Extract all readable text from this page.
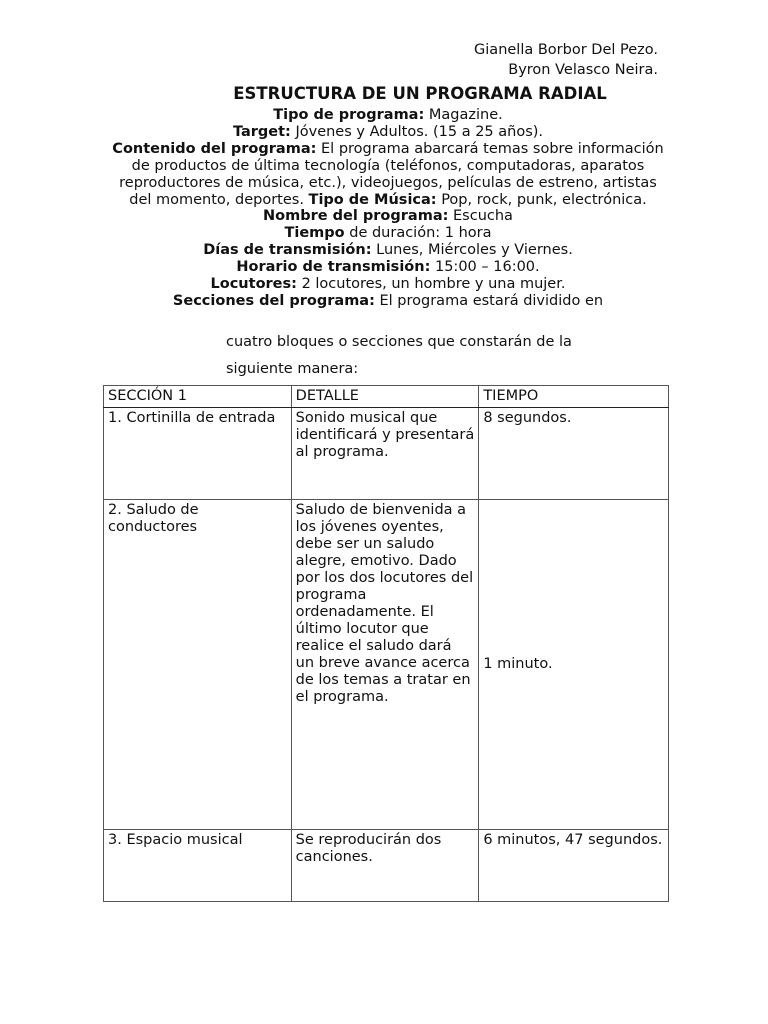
Gianella Borbor Del Pezo.
Byron Velasco Neira.
ESTRUCTURA DE UN PROGRAMA RADIAL
Tipo de programa: Magazine.
Target: Jóvenes y Adultos. (15 a 25 años).
Contenido del programa: El programa abarcará temas sobre información de productos de última tecnología (teléfonos, computadoras, aparatos reproductores de música, etc.), videojuegos, películas de estreno, artistas del momento, deportes. Tipo de Música: Pop, rock, punk, electrónica.
Nombre del programa: Escucha
Tiempo de duración: 1 hora
Días de transmisión: Lunes, Miércoles y Viernes.
Horario de transmisión: 15:00 – 16:00.
Locutores: 2 locutores, un hombre y una mujer.
Secciones del programa: El programa estará dividido en
cuatro bloques o secciones que constarán de la
siguiente manera:
SECCIÓN 1	DETALLE	TIEMPO
1. Cortinilla de entrada	Sonido musical que identificará y presentará al programa.	8 segundos.
2. Saludo de conductores	Saludo de bienvenida a los jóvenes oyentes, debe ser un saludo alegre, emotivo. Dado por los dos locutores del programa ordenadamente. El último locutor que realice el saludo dará un breve avance acerca de los temas a tratar en el programa.	1 minuto.
3. Espacio musical	Se reproducirán dos canciones.	6 minutos, 47 segundos.
